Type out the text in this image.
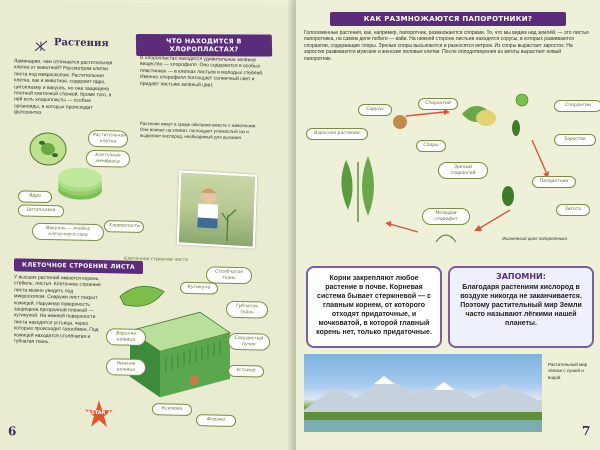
Растения
Ламинарии, чем отличается растительная клетка от животной? Рассмотрим клетки листа под микроскопом. Растительная клетка, как и животная, содержит ядро, цитоплазму и вакуоль, но она защищена плотной клеточной стенкой. Кроме того, в ней есть хлоропласты — особые органоиды, в которых происходит фотосинтез.
ЧТО НАХОДИТСЯ В ХЛОРОПЛАСТАХ?
В хлоропластах находится удивительное зелёное вещество — хлорофилл. Оно содержится в особых пластинках — в клетках листьев и молодых стеблей. Именно хлорофилл поглощает солнечный свет и придаёт листьям зелёный цвет.
Растительная клетка
Клеточная мембрана
Ядро
Цитоплазма
Хлоропласты
Вакуоль — ячейка клеточного сока
Растения живут в среде обитания вместе с животными. Они влияют на климат, поглощают углекислый газ и выделяют кислород, необходимый для дыхания.
КЛЕТОЧНОЕ СТРОЕНИЕ ЛИСТА
У высших растений имеются корень, стебель, листья. Клеточное строение листа можно увидеть под микроскопом. Снаружи лист покрыт кожицей. Наружная поверхность защищена прозрачной плёнкой — кутикулой. На нижней поверхности листа находятся устьица, через которые происходит газообмен. Под кожицей находится столбчатая и губчатая ткань.
Клеточное строение листа
Кутикула
Столбчатая ткань
Губчатая ткань
Сосудистый пучок
Устьице
Верхняя кожица
Нижняя кожица
Ксилема
Флоэма
ASTAR 4
6
КАК РАЗМНОЖАЮТСЯ ПАПОРОТНИКИ?
Голосеменные растения, как, например, папоротник, размножаются спорами. То, что мы видим над землёй, — это листья папоротника, на самом деле побеги — вайи. На нижней стороне листьев находятся сорусы, в которых развиваются спорангии, содержащие споры. Зрелые споры высыпаются и разносятся ветром. Из споры вырастает заросток. На заростке развиваются мужские и женские половые клетки. После оплодотворения из зиготы вырастает новый папоротник.
Взрослое растение
Сорусы
Спорангий	Спорангии
Споры
Зрелый спорангий
Заросток
Зигота
Молодой спорофит
Папоротник
Жизненный цикл папоротника
Корни закрепляют любое растение в почве. Корневая система бывает стержневой — с главным корнем, от которого отходят придаточные, и мочковатой, в которой главный корень нет, только придаточные.
ЗАПОМНИ:
Благодаря растениям кислород в воздухе никогда не заканчивается. Поэтому растительный мир Земли часто называют лёгкими нашей планеты.
Растительный мир связан с сушей и водой
7
